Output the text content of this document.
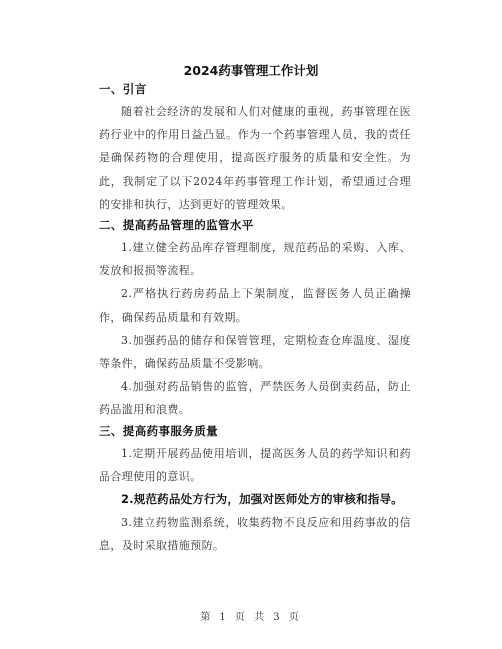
2024药事管理工作计划
一、引言

随着社会经济的发展和人们对健康的重视，药事管理在医药行业中的作用日益凸显。作为一个药事管理人员，我的责任是确保药物的合理使用，提高医疗服务的质量和安全性。为此，我制定了以下2024年药事管理工作计划，希望通过合理的安排和执行，达到更好的管理效果。

二、提高药品管理的监管水平

1.建立健全药品库存管理制度，规范药品的采购、入库、发放和报损等流程。

2.严格执行药房药品上下架制度，监督医务人员正确操作，确保药品质量和有效期。

3.加强药品的储存和保管管理，定期检查仓库温度、湿度等条件，确保药品质量不受影响。

4.加强对药品销售的监管，严禁医务人员倒卖药品，防止药品滥用和浪费。

三、提高药事服务质量

1.定期开展药品使用培训，提高医务人员的药学知识和药品合理使用的意识。

2.规范药品处方行为，加强对医师处方的审核和指导。

3.建立药物监测系统，收集药物不良反应和用药事故的信息，及时采取措施预防。

第 1 页 共 3 页
